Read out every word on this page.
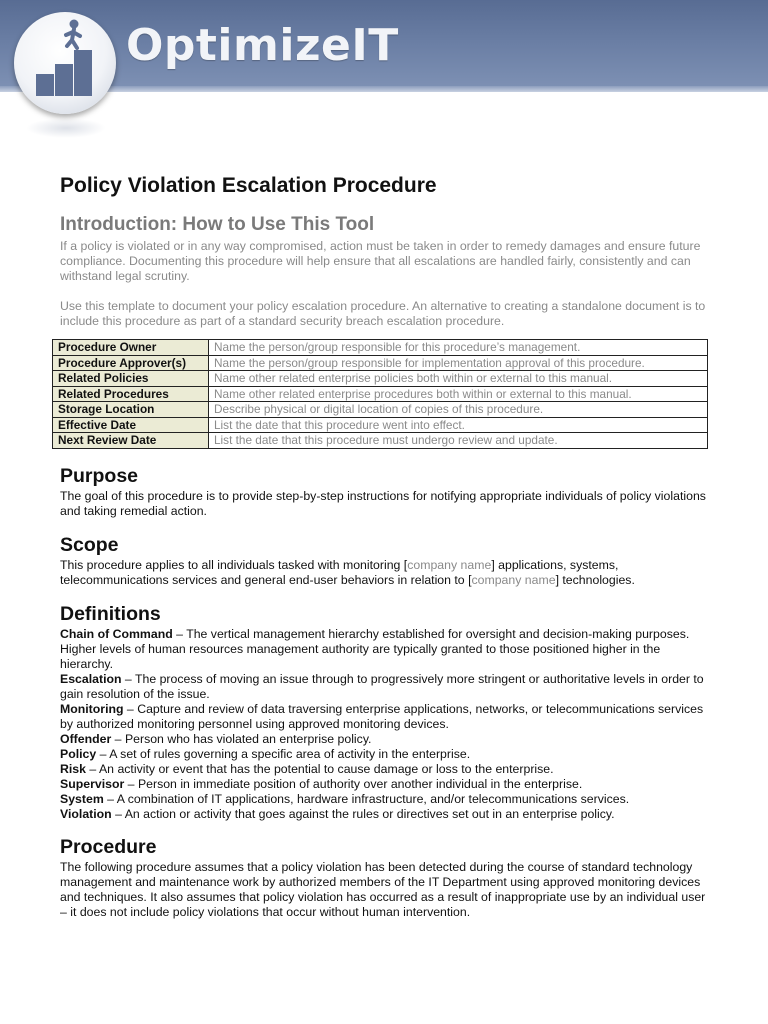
OptimizeIT
Policy Violation Escalation Procedure
Introduction: How to Use This Tool

If a policy is violated or in any way compromised, action must be taken in order to remedy damages and ensure future compliance. Documenting this procedure will help ensure that all escalations are handled fairly, consistently and can withstand legal scrutiny.

Use this template to document your policy escalation procedure. An alternative to creating a standalone document is to include this procedure as part of a standard security breach escalation procedure.

Procedure Owner	Name the person/group responsible for this procedure’s management.
Procedure Approver(s)	Name the person/group responsible for implementation approval of this procedure.
Related Policies	Name other related enterprise policies both within or external to this manual.
Related Procedures	Name other related enterprise procedures both within or external to this manual.
Storage Location	Describe physical or digital location of copies of this procedure.
Effective Date	List the date that this procedure went into effect.
Next Review Date	List the date that this procedure must undergo review and update.
Purpose

The goal of this procedure is to provide step-by-step instructions for notifying appropriate individuals of policy violations and taking remedial action.

Scope

This procedure applies to all individuals tasked with monitoring [company name] applications, systems, telecommunications services and general end-user behaviors in relation to [company name] technologies.

Definitions

Chain of Command – The vertical management hierarchy established for oversight and decision-making purposes. Higher levels of human resources management authority are typically granted to those positioned higher in the hierarchy.

Escalation – The process of moving an issue through to progressively more stringent or authoritative levels in order to gain resolution of the issue.

Monitoring – Capture and review of data traversing enterprise applications, networks, or telecommunications services by authorized monitoring personnel using approved monitoring devices.

Offender – Person who has violated an enterprise policy.

Policy – A set of rules governing a specific area of activity in the enterprise.

Risk – An activity or event that has the potential to cause damage or loss to the enterprise.

Supervisor – Person in immediate position of authority over another individual in the enterprise.

System – A combination of IT applications, hardware infrastructure, and/or telecommunications services.

Violation – An action or activity that goes against the rules or directives set out in an enterprise policy.

Procedure

The following procedure assumes that a policy violation has been detected during the course of standard technology management and maintenance work by authorized members of the IT Department using approved monitoring devices and techniques. It also assumes that policy violation has occurred as a result of inappropriate use by an individual user – it does not include policy violations that occur without human intervention.
